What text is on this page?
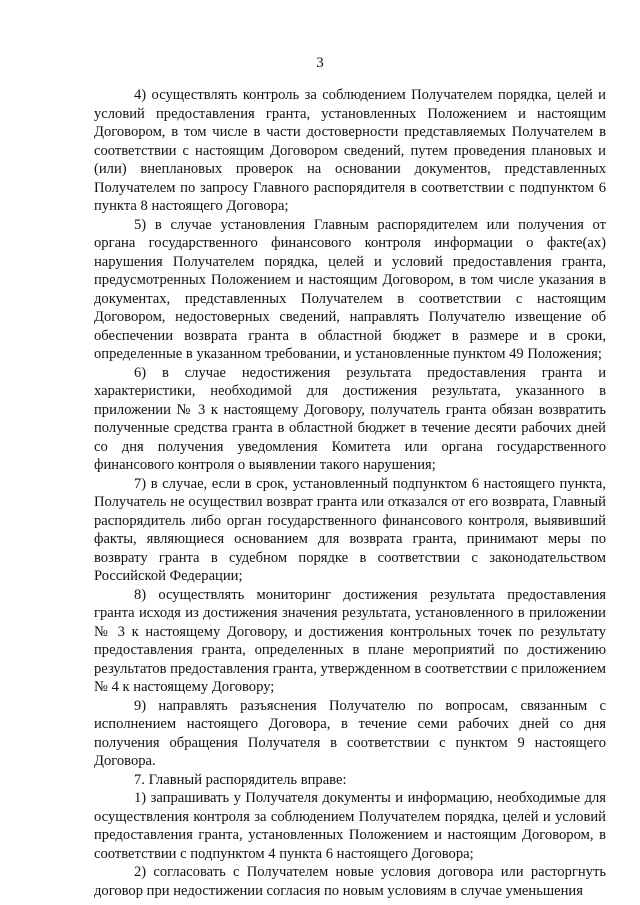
3

4) осуществлять контроль за соблюдением Получателем порядка, целей и условий предоставления гранта, установленных Положением и настоящим Договором, в том числе в части достоверности представляемых Получателем в соответствии с настоящим Договором сведений, путем проведения плановых и (или) внеплановых проверок на основании документов, представленных Получателем по запросу Главного распорядителя в соответствии с подпунктом 6 пункта 8 настоящего Договора;

5) в случае установления Главным распорядителем или получения от органа государственного финансового контроля информации о факте(ах) нарушения Получателем порядка, целей и условий предоставления гранта, предусмотренных Положением и настоящим Договором, в том числе указания в документах, представленных Получателем в соответствии с настоящим Договором, недостоверных сведений, направлять Получателю извещение об обеспечении возврата гранта в областной бюджет в размере и в сроки, определенные в указанном требовании, и установленные пунктом 49 Положения;

6) в случае недостижения результата предоставления гранта и характеристики, необходимой для достижения результата, указанного в приложении № 3 к настоящему Договору, получатель гранта обязан возвратить полученные средства гранта в областной бюджет в течение десяти рабочих дней со дня получения уведомления Комитета или органа государственного финансового контроля о выявлении такого нарушения;

7) в случае, если в срок, установленный подпунктом 6 настоящего пункта, Получатель не осуществил возврат гранта или отказался от его возврата, Главный распорядитель либо орган государственного финансового контроля, выявивший факты, являющиеся основанием для возврата гранта, принимают меры по возврату гранта в судебном порядке в соответствии с законодательством Российской Федерации;

8) осуществлять мониторинг достижения результата предоставления гранта исходя из достижения значения результата, установленного в приложении № 3 к настоящему Договору, и достижения контрольных точек по результату предоставления гранта, определенных в плане мероприятий по достижению результатов предоставления гранта, утвержденном в соответствии с приложением № 4 к настоящему Договору;

9) направлять разъяснения Получателю по вопросам, связанным с исполнением настоящего Договора, в течение семи рабочих дней со дня получения обращения Получателя в соответствии с пунктом 9 настоящего Договора.

7. Главный распорядитель вправе:

1) запрашивать у Получателя документы и информацию, необходимые для осуществления контроля за соблюдением Получателем порядка, целей и условий предоставления гранта, установленных Положением и настоящим Договором, в соответствии с подпунктом 4 пункта 6 настоящего Договора;

2) согласовать с Получателем новые условия договора или расторгнуть договор при недостижении согласия по новым условиям в случае уменьшения
